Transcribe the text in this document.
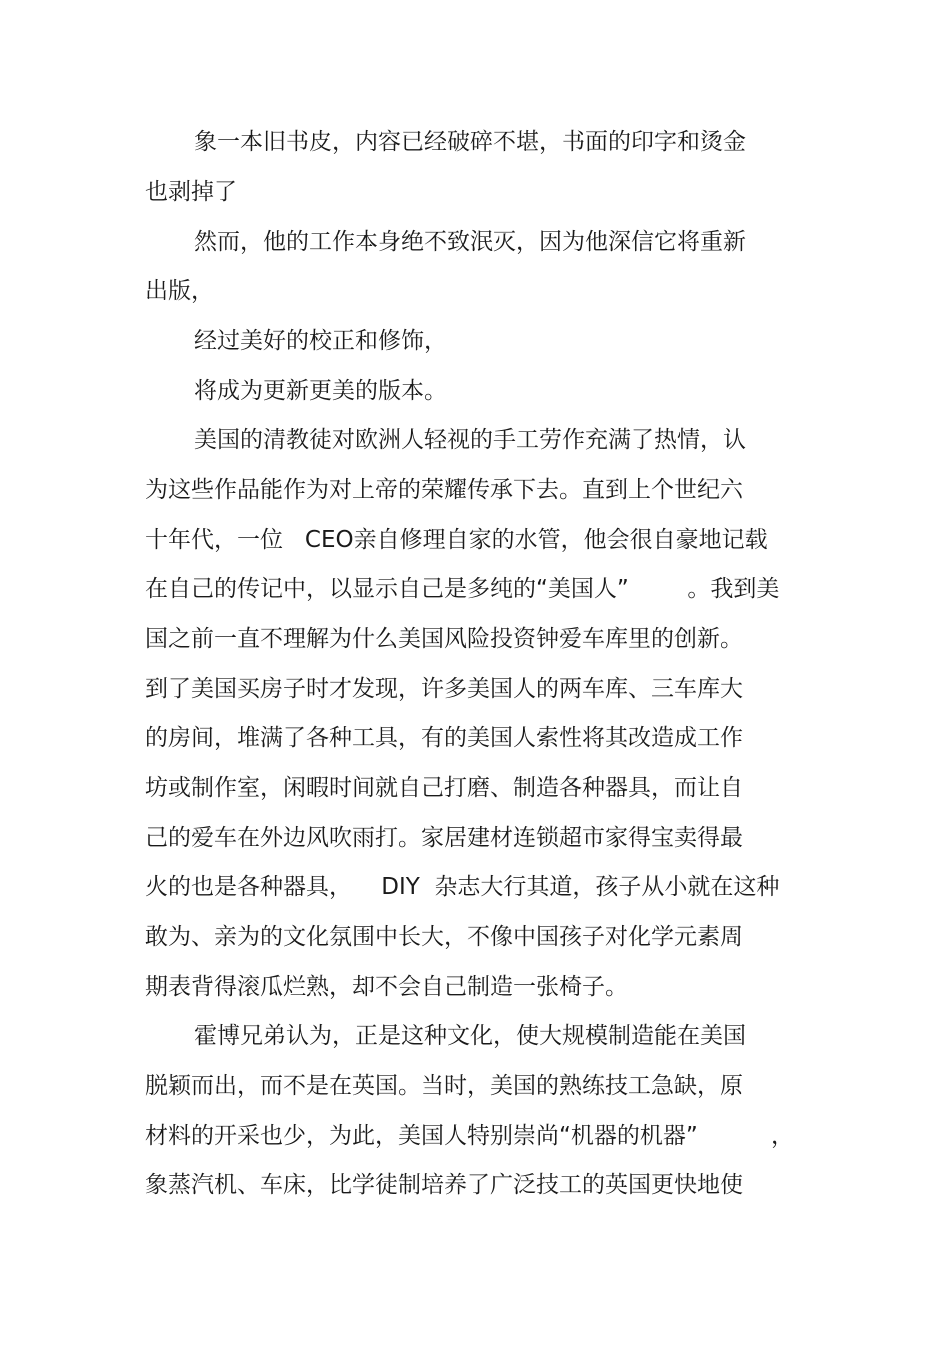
象一本旧书皮，内容已经破碎不堪，书面的印字和烫金

也剥掉了

然而，他的工作本身绝不致泯灭，因为他深信它将重新

出版，

经过美好的校正和修饰，

将成为更新更美的版本。

美国的清教徒对欧洲人轻视的手工劳作充满了热情，认

为这些作品能作为对上帝的荣耀传承下去。直到上个世纪六

十年代，一位   CEO亲自修理自家的水管，他会很自豪地记载

在自己的传记中，以显示自己是多纯的“美国人”        。我到美

国之前一直不理解为什么美国风险投资钟爱车库里的创新。

到了美国买房子时才发现，许多美国人的两车库、三车库大

的房间，堆满了各种工具，有的美国人索性将其改造成工作

坊或制作室，闲暇时间就自己打磨、制造各种器具，而让自

己的爱车在外边风吹雨打。家居建材连锁超市家得宝卖得最

火的也是各种器具，    DIY  杂志大行其道，孩子从小就在这种

敢为、亲为的文化氛围中长大，不像中国孩子对化学元素周

期表背得滚瓜烂熟，却不会自己制造一张椅子。

霍博兄弟认为，正是这种文化，使大规模制造能在美国

脱颖而出，而不是在英国。当时，美国的熟练技工急缺，原

材料的开采也少，为此，美国人特别崇尚“机器的机器”          ，

象蒸汽机、车床，比学徒制培养了广泛技工的英国更快地使
